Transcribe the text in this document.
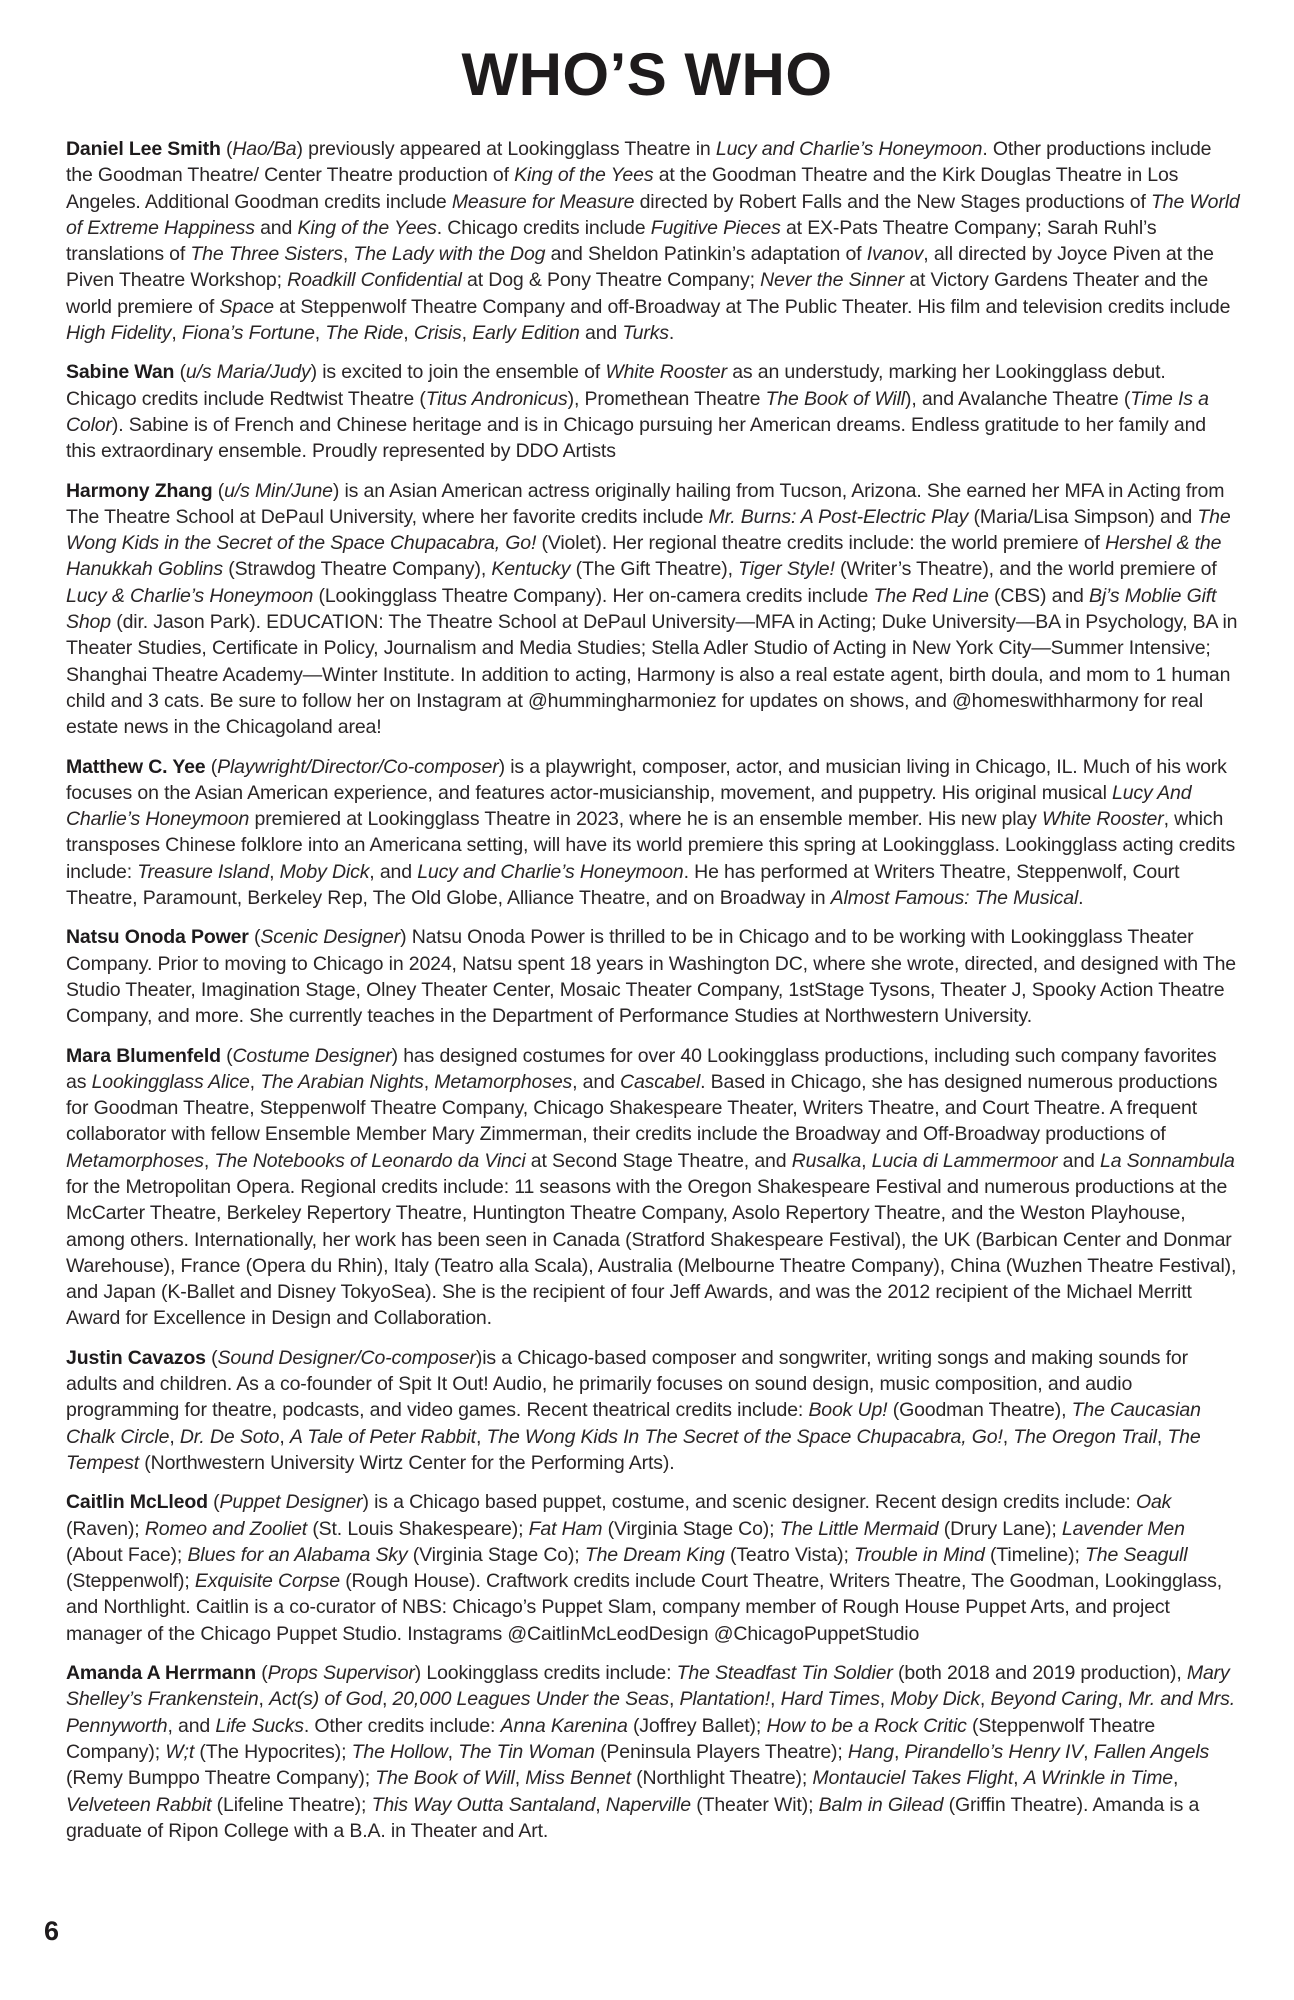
WHO’S WHO

Daniel Lee Smith (Hao/Ba) previously appeared at Lookingglass Theatre in Lucy and Charlie’s Honeymoon. Other productions include the Goodman Theatre/ Center Theatre production of King of the Yees at the Goodman Theatre and the Kirk Douglas Theatre in Los Angeles. Additional Goodman credits include Measure for Measure directed by Robert Falls and the New Stages productions of The World of Extreme Happiness and King of the Yees. Chicago credits include Fugitive Pieces at EX-Pats Theatre Company; Sarah Ruhl’s translations of The Three Sisters, The Lady with the Dog and Sheldon Patinkin’s adaptation of Ivanov, all directed by Joyce Piven at the Piven Theatre Workshop; Roadkill Confidential at Dog & Pony Theatre Company; Never the Sinner at Victory Gardens Theater and the world premiere of Space at Steppenwolf Theatre Company and off-Broadway at The Public Theater. His film and television credits include High Fidelity, Fiona’s Fortune, The Ride, Crisis, Early Edition and Turks.

Sabine Wan (u/s Maria/Judy) is excited to join the ensemble of White Rooster as an understudy, marking her Lookingglass debut. Chicago credits include Redtwist Theatre (Titus Andronicus), Promethean Theatre The Book of Will), and Avalanche Theatre (Time Is a Color). Sabine is of French and Chinese heritage and is in Chicago pursuing her American dreams. Endless gratitude to her family and this extraordinary ensemble. Proudly represented by DDO Artists

Harmony Zhang (u/s Min/June) is an Asian American actress originally hailing from Tucson, Arizona. She earned her MFA in Acting from The Theatre School at DePaul University, where her favorite credits include Mr. Burns: A Post-Electric Play (Maria/Lisa Simpson) and The Wong Kids in the Secret of the Space Chupacabra, Go! (Violet). Her regional theatre credits include: the world premiere of Hershel & the Hanukkah Goblins (Strawdog Theatre Company), Kentucky (The Gift Theatre), Tiger Style! (Writer’s Theatre), and the world premiere of Lucy & Charlie’s Honeymoon (Lookingglass Theatre Company). Her on-camera credits include The Red Line (CBS) and Bj’s Moblie Gift Shop (dir. Jason Park). EDUCATION: The Theatre School at DePaul University—MFA in Acting; Duke University—BA in Psychology, BA in Theater Studies, Certificate in Policy, Journalism and Media Studies; Stella Adler Studio of Acting in New York City—Summer Intensive; Shanghai Theatre Academy—Winter Institute. In addition to acting, Harmony is also a real estate agent, birth doula, and mom to 1 human child and 3 cats. Be sure to follow her on Instagram at @hummingharmoniez for updates on shows, and @homeswithharmony for real estate news in the Chicagoland area!

Matthew C. Yee (Playwright/Director/Co-composer) is a playwright, composer, actor, and musician living in Chicago, IL. Much of his work focuses on the Asian American experience, and features actor-musicianship, movement, and puppetry. His original musical Lucy And Charlie’s Honeymoon premiered at Lookingglass Theatre in 2023, where he is an ensemble member. His new play White Rooster, which transposes Chinese folklore into an Americana setting, will have its world premiere this spring at Lookingglass. Lookingglass acting credits include: Treasure Island, Moby Dick, and Lucy and Charlie’s Honeymoon. He has performed at Writers Theatre, Steppenwolf, Court Theatre, Paramount, Berkeley Rep, The Old Globe, Alliance Theatre, and on Broadway in Almost Famous: The Musical.

Natsu Onoda Power (Scenic Designer) Natsu Onoda Power is thrilled to be in Chicago and to be working with Lookingglass Theater Company. Prior to moving to Chicago in 2024, Natsu spent 18 years in Washington DC, where she wrote, directed, and designed with The Studio Theater, Imagination Stage, Olney Theater Center, Mosaic Theater Company, 1stStage Tysons, Theater J, Spooky Action Theatre Company, and more. She currently teaches in the Department of Performance Studies at Northwestern University.

Mara Blumenfeld (Costume Designer) has designed costumes for over 40 Lookingglass productions, including such company favorites as Lookingglass Alice, The Arabian Nights, Metamorphoses, and Cascabel. Based in Chicago, she has designed numerous productions for Goodman Theatre, Steppenwolf Theatre Company, Chicago Shakespeare Theater, Writers Theatre, and Court Theatre. A frequent collaborator with fellow Ensemble Member Mary Zimmerman, their credits include the Broadway and Off-Broadway productions of Metamorphoses, The Notebooks of Leonardo da Vinci at Second Stage Theatre, and Rusalka, Lucia di Lammermoor and La Sonnambula for the Metropolitan Opera. Regional credits include: 11 seasons with the Oregon Shakespeare Festival and numerous productions at the McCarter Theatre, Berkeley Repertory Theatre, Huntington Theatre Company, Asolo Repertory Theatre, and the Weston Playhouse, among others. Internationally, her work has been seen in Canada (Stratford Shakespeare Festival), the UK (Barbican Center and Donmar Warehouse), France (Opera du Rhin), Italy (Teatro alla Scala), Australia (Melbourne Theatre Company), China (Wuzhen Theatre Festival), and Japan (K-Ballet and Disney TokyoSea). She is the recipient of four Jeff Awards, and was the 2012 recipient of the Michael Merritt Award for Excellence in Design and Collaboration.

Justin Cavazos (Sound Designer/Co-composer)is a Chicago-based composer and songwriter, writing songs and making sounds for adults and children. As a co-founder of Spit It Out! Audio, he primarily focuses on sound design, music composition, and audio programming for theatre, podcasts, and video games. Recent theatrical credits include: Book Up! (Goodman Theatre), The Caucasian Chalk Circle, Dr. De Soto, A Tale of Peter Rabbit, The Wong Kids In The Secret of the Space Chupacabra, Go!, The Oregon Trail, The Tempest (Northwestern University Wirtz Center for the Performing Arts).

Caitlin McLleod (Puppet Designer) is a Chicago based puppet, costume, and scenic designer. Recent design credits include: Oak (Raven); Romeo and Zooliet (St. Louis Shakespeare); Fat Ham (Virginia Stage Co); The Little Mermaid (Drury Lane); Lavender Men (About Face); Blues for an Alabama Sky (Virginia Stage Co); The Dream King (Teatro Vista); Trouble in Mind (Timeline); The Seagull (Steppenwolf); Exquisite Corpse (Rough House). Craftwork credits include Court Theatre, Writers Theatre, The Goodman, Lookingglass, and Northlight. Caitlin is a co-curator of NBS: Chicago’s Puppet Slam, company member of Rough House Puppet Arts, and project manager of the Chicago Puppet Studio. Instagrams @CaitlinMcLeodDesign @ChicagoPuppetStudio

Amanda A Herrmann (Props Supervisor) Lookingglass credits include: The Steadfast Tin Soldier (both 2018 and 2019 production), Mary Shelley’s Frankenstein, Act(s) of God, 20,000 Leagues Under the Seas, Plantation!, Hard Times, Moby Dick, Beyond Caring, Mr. and Mrs. Pennyworth, and Life Sucks. Other credits include: Anna Karenina (Joffrey Ballet); How to be a Rock Critic (Steppenwolf Theatre Company); W;t (The Hypocrites); The Hollow, The Tin Woman (Peninsula Players Theatre); Hang, Pirandello’s Henry IV, Fallen Angels (Remy Bumppo Theatre Company); The Book of Will, Miss Bennet (Northlight Theatre); Montauciel Takes Flight, A Wrinkle in Time, Velveteen Rabbit (Lifeline Theatre); This Way Outta Santaland, Naperville (Theater Wit); Balm in Gilead (Griffin Theatre). Amanda is a graduate of Ripon College with a B.A. in Theater and Art.

6
